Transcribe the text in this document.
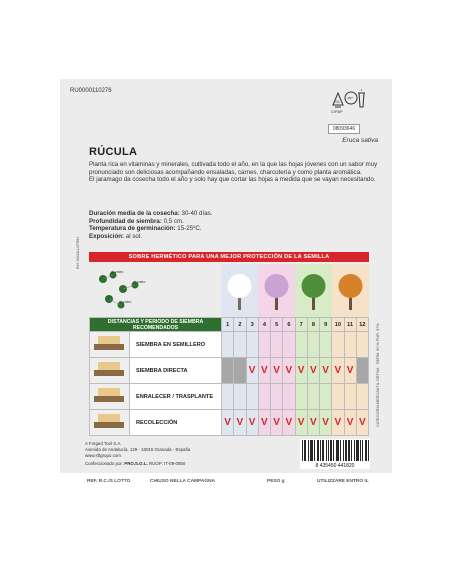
RU0000110276
01
PP
C/PAP
08093646
Eruca sativa
RÚCULA

Planta rica en vitaminas y minerales, cultivada todo el año, en la que las hojas jóvenes con un sabor muy pronunciado son deliciosas acompañando ensaladas, carnes, charcutería y como planta aromática.

El jaramago da cosecha todo el año y solo hay que cortar las hojas a medida que se vayan necesitando.

Duración media de la cosecha: 30-40 días.
Profundidad de siembra: 0,5 cm.
Temperatura de germinación: 15-25ºC.
Exposición: al sol.
SOBRE HERMÉTICO PARA UNA MEJOR PROTECCIÓN DE LA SEMILLA
Ref. 0042A-LOT994
al voleo
al voleo
al voleo
DISTANCIAS Y PERIODO DE SIEMBRA RECOMENDADOS		1	2	3	4	5	6	7	8	9	10	11	12
	SIEMBRA EN SEMILLERO												
	SIEMBRA DIRECTA			V	V	V	V	V	V	V	V	V	
	ENRALECER / TRASPLANTE												
	RECOLECCIÓN	V	V	V	V	V	V	V	V	V	V	V	V	CATEGORÍA MERCANTIL ORTIVA · GERM. 90 % PUR. 97%
A Forged Tool S.A.
Avenida de Andalucía, 139 - 18015 Granada - España
www.sftgrupo.com
Confeccionado por: PRO.S.O.L. RUOP: IT-09-0550	8 435450 441820
REF. R.C./S LOTTO	CHIUSO NELLA CAMPAGNA	PESO g	UTILIZZARE ENTRO IL
